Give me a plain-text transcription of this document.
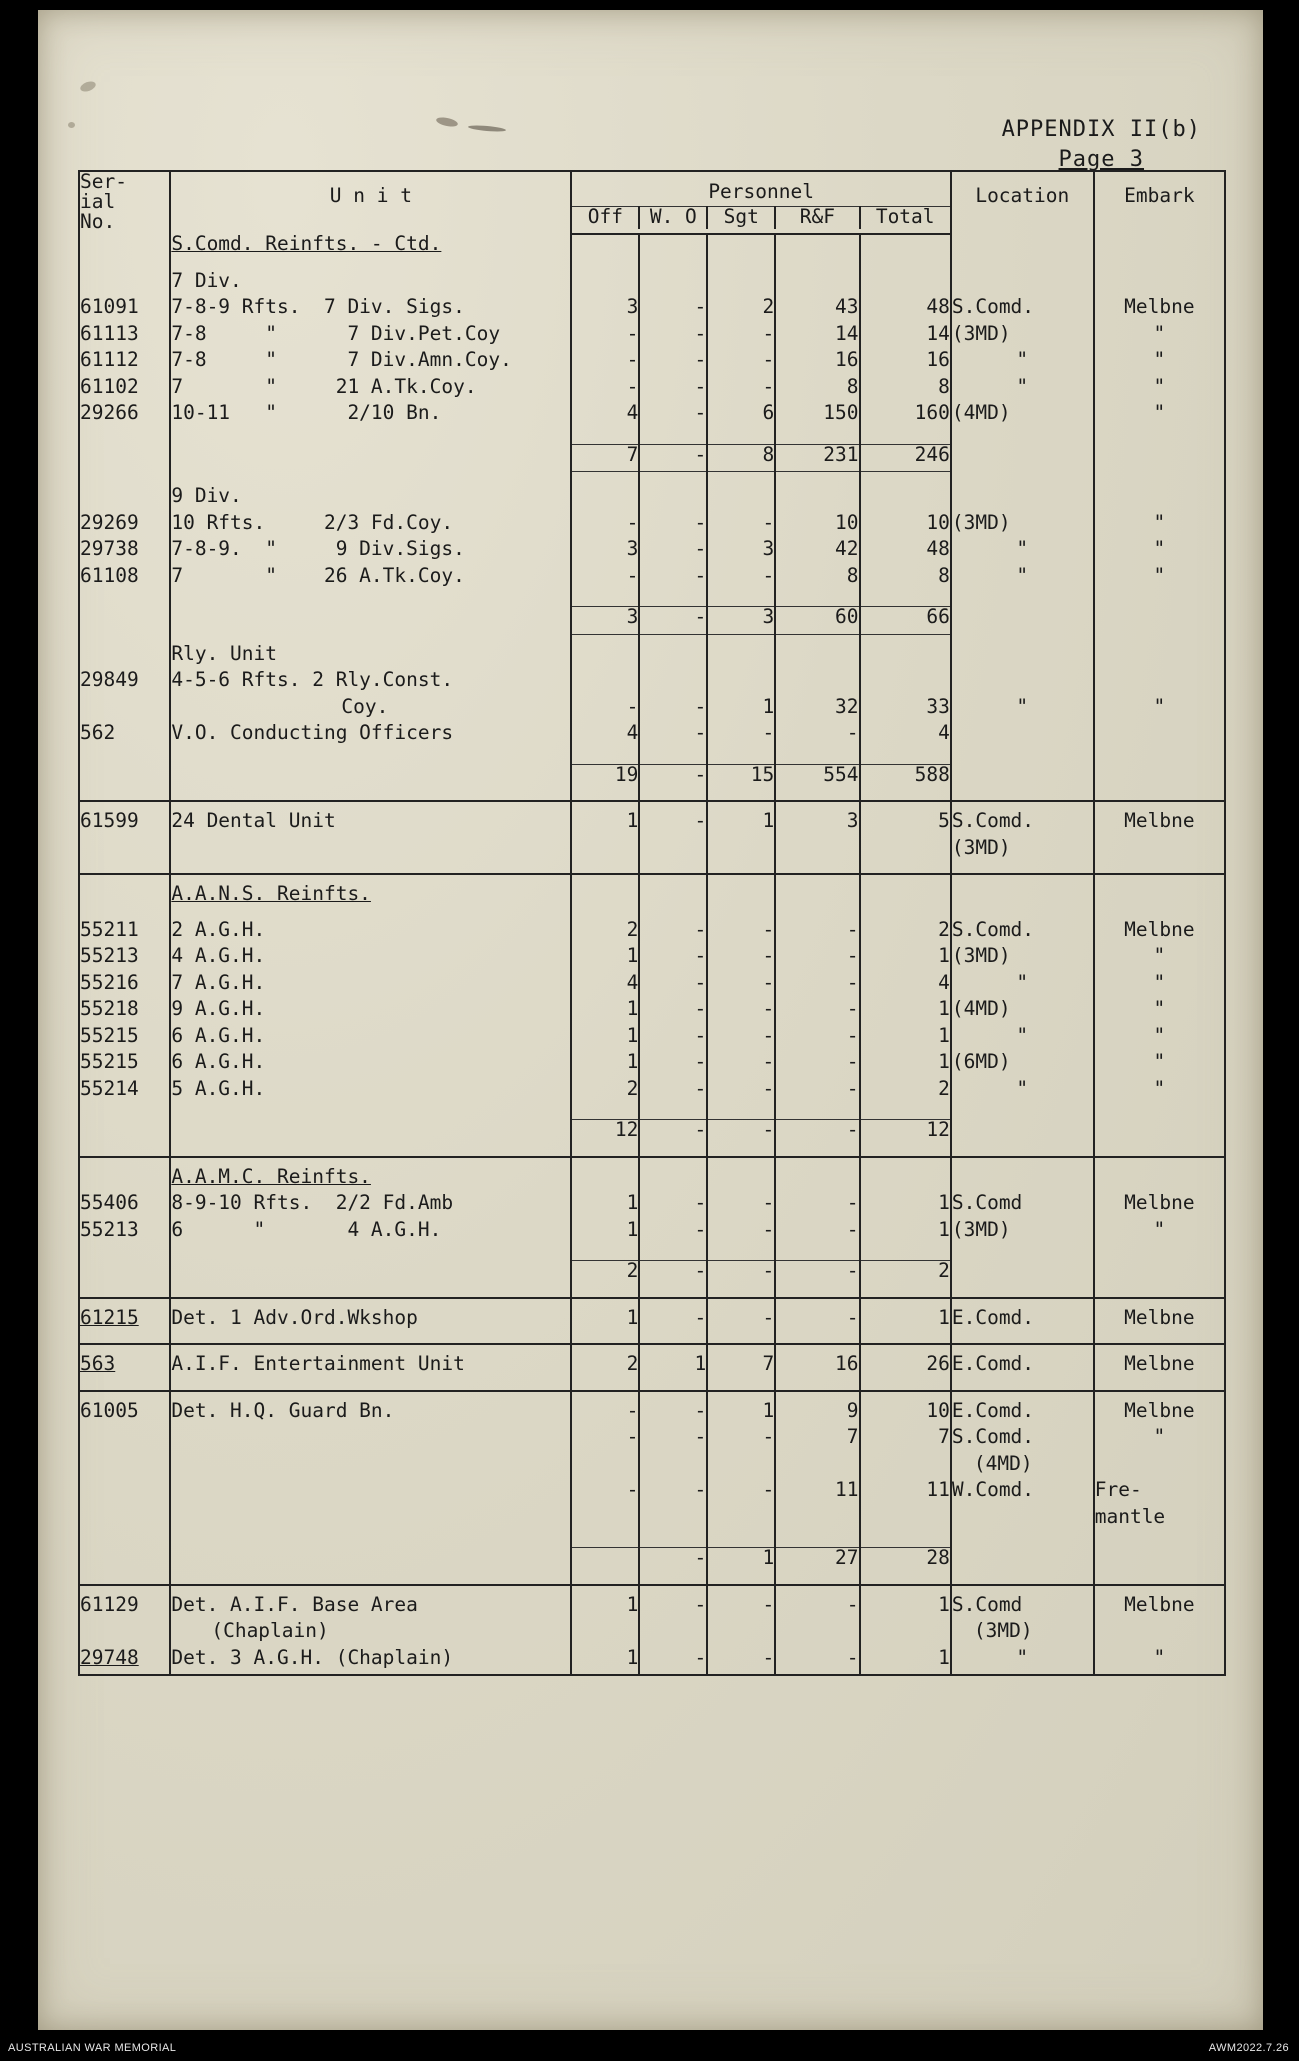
APPENDIX II(b)
Page 3
Ser-
ial
No.	U n i t	Personnel					Location	Embark

		Off	W. O	Sgt	R&F	Total		

	S.Comd. Reinfts. - Ctd.							

	7 Div.							
61091	7-8-9 Rfts.  7 Div. Sigs.	3	-	2	43	48	S.Comd.	Melbne
61113	7-8     "      7 Div.Pet.Coy	-	-	-	14	14	(3MD)	"
61112	7-8     "      7 Div.Amn.Coy.	-	-	-	16	16	"	"
61102	7       "     21 A.Tk.Coy.	-	-	-	8	8	"	"
29266	10-11   "      2/10 Bn.	4	-	6	150	160	(4MD)	"

		7	-	8	231	246		

	9 Div.							
29269	10 Rfts.     2/3 Fd.Coy.	-	-	-	10	10	(3MD)	"
29738	7-8-9.  "     9 Div.Sigs.	3	-	3	42	48	"	"
61108	7       "    26 A.Tk.Coy.	-	-	-	8	8	"	"

		3	-	3	60	66		

	Rly. Unit							
29849	4-5-6 Rfts. 2 Rly.Const.							
	Coy.	-	-	1	32	33	"	"
562	V.O. Conducting Officers	4	-	-	-	4		

		19	-	15	554	588		

61599	24 Dental Unit	1	-	1	3	5	S.Comd.	Melbne
							(3MD)	

	A.A.N.S. Reinfts.							

55211	2 A.G.H.	2	-	-	-	2	S.Comd.	Melbne
55213	4 A.G.H.	1	-	-	-	1	(3MD)	"
55216	7 A.G.H.	4	-	-	-	4	"	"
55218	9 A.G.H.	1	-	-	-	1	(4MD)	"
55215	6 A.G.H.	1	-	-	-	1	"	"
55215	6 A.G.H.	1	-	-	-	1	(6MD)	"
55214	5 A.G.H.	2	-	-	-	2	"	"

		12	-	-	-	12		

	A.A.M.C. Reinfts.							
55406	8-9-10 Rfts.  2/2 Fd.Amb	1	-	-	-	1	S.Comd	Melbne
55213	6      "       4 A.G.H.	1	-	-	-	1	(3MD)	"

		2	-	-	-	2		

61215	Det. 1 Adv.Ord.Wkshop	1	-	-	-	1	E.Comd.	Melbne

563	A.I.F. Entertainment Unit	2	1	7	16	26	E.Comd.	Melbne

61005	Det. H.Q. Guard Bn.	-	-	1	9	10	E.Comd.	Melbne
		-	-	-	7	7	S.Comd.	"
							(4MD)	
		-	-	-	11	11	W.Comd.	Fre-
								mantle

			-	1	27	28		

61129	Det. A.I.F. Base Area	1	-	-	-	1	S.Comd	Melbne
	(Chaplain)						(3MD)	
29748	Det. 3 A.G.H. (Chaplain)	1	-	-	-	1	"	"

AUSTRALIAN WAR MEMORIAL	AWM2022.7.26
